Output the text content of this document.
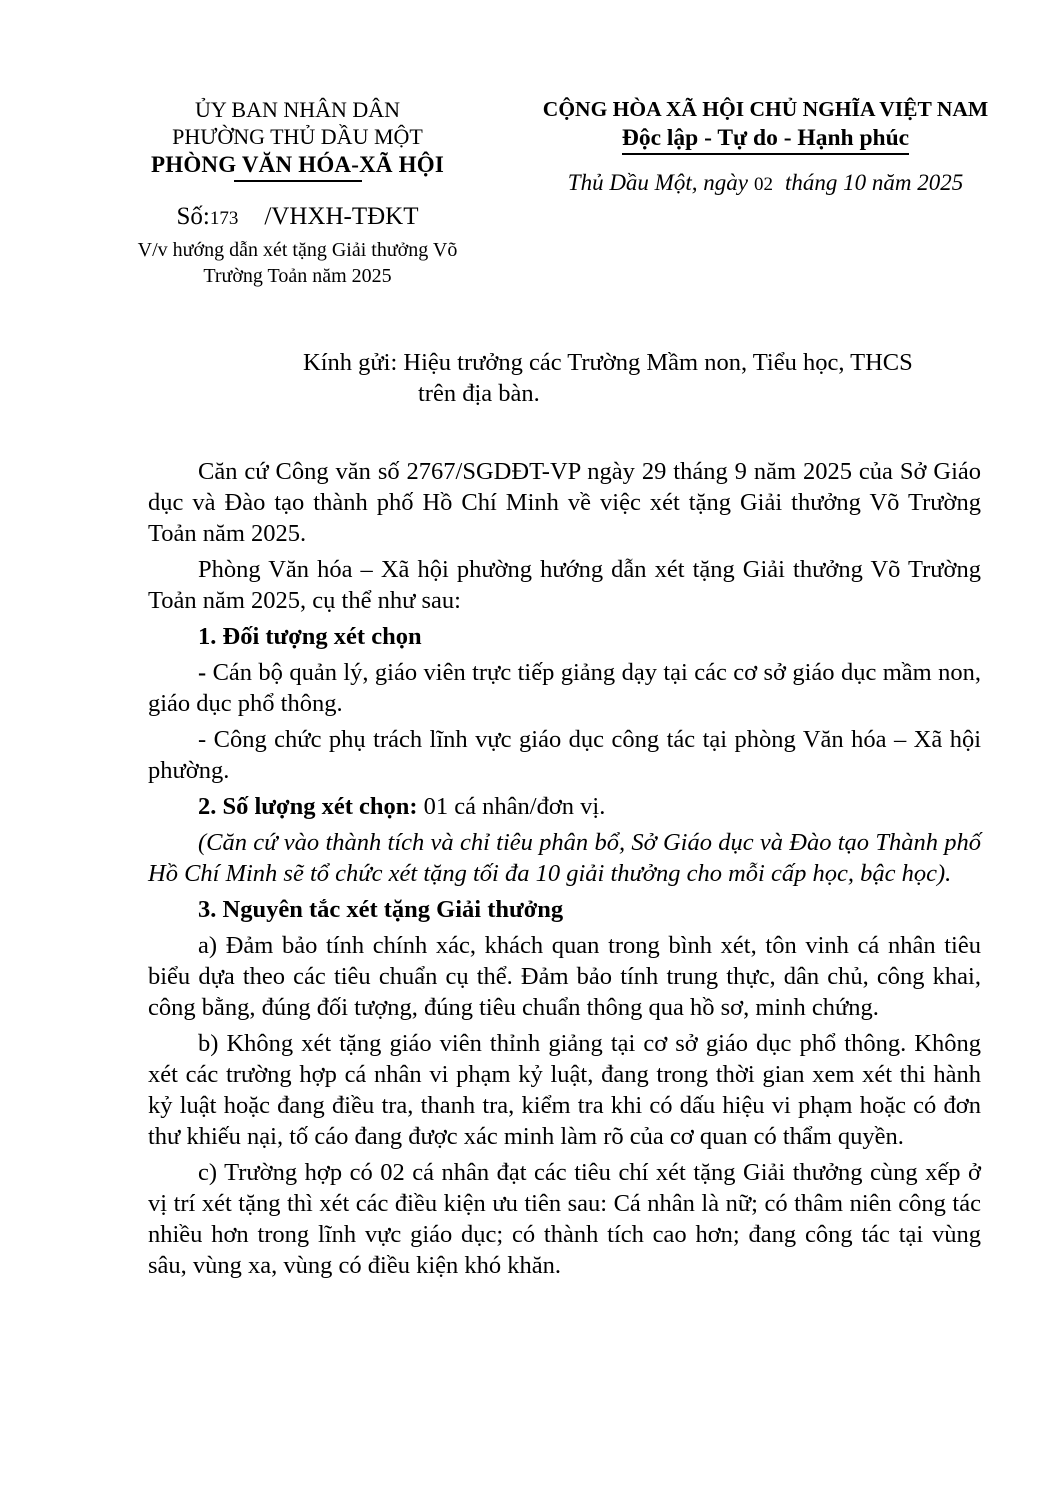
ỦY BAN NHÂN DÂN
PHƯỜNG THỦ DẦU MỘT
PHÒNG VĂN HÓA-XÃ HỘI
Số:173 /VHXH-TĐKT
V/v hướng dẫn xét tặng Giải thưởng Võ
Trường Toản năm 2025
CỘNG HÒA XÃ HỘI CHỦ NGHĨA VIỆT NAM
Độc lập - Tự do - Hạnh phúc
Thủ Dầu Một, ngày 02 tháng 10 năm 2025
Kính gửi: Hiệu trưởng các Trường Mầm non, Tiểu học, THCS
trên địa bàn.

Căn cứ Công văn số 2767/SGDĐT-VP ngày 29 tháng 9 năm 2025 của Sở Giáo dục và Đào tạo thành phố Hồ Chí Minh về việc xét tặng Giải thưởng Võ Trường Toản năm 2025.

Phòng Văn hóa – Xã hội phường hướng dẫn xét tặng Giải thưởng Võ Trường Toản năm 2025, cụ thể như sau:

1. Đối tượng xét chọn

- Cán bộ quản lý, giáo viên trực tiếp giảng dạy tại các cơ sở giáo dục mầm non, giáo dục phổ thông.

- Công chức phụ trách lĩnh vực giáo dục công tác tại phòng Văn hóa – Xã hội phường.

2. Số lượng xét chọn: 01 cá nhân/đơn vị.

(Căn cứ vào thành tích và chỉ tiêu phân bổ, Sở Giáo dục và Đào tạo Thành phố Hồ Chí Minh sẽ tổ chức xét tặng tối đa 10 giải thưởng cho mỗi cấp học, bậc học).

3. Nguyên tắc xét tặng Giải thưởng

a) Đảm bảo tính chính xác, khách quan trong bình xét, tôn vinh cá nhân tiêu biểu dựa theo các tiêu chuẩn cụ thể. Đảm bảo tính trung thực, dân chủ, công khai, công bằng, đúng đối tượng, đúng tiêu chuẩn thông qua hồ sơ, minh chứng.

b) Không xét tặng giáo viên thỉnh giảng tại cơ sở giáo dục phổ thông. Không xét các trường hợp cá nhân vi phạm kỷ luật, đang trong thời gian xem xét thi hành kỷ luật hoặc đang điều tra, thanh tra, kiểm tra khi có dấu hiệu vi phạm hoặc có đơn thư khiếu nại, tố cáo đang được xác minh làm rõ của cơ quan có thẩm quyền.

c) Trường hợp có 02 cá nhân đạt các tiêu chí xét tặng Giải thưởng cùng xếp ở vị trí xét tặng thì xét các điều kiện ưu tiên sau: Cá nhân là nữ; có thâm niên công tác nhiều hơn trong lĩnh vực giáo dục; có thành tích cao hơn; đang công tác tại vùng sâu, vùng xa, vùng có điều kiện khó khăn.
